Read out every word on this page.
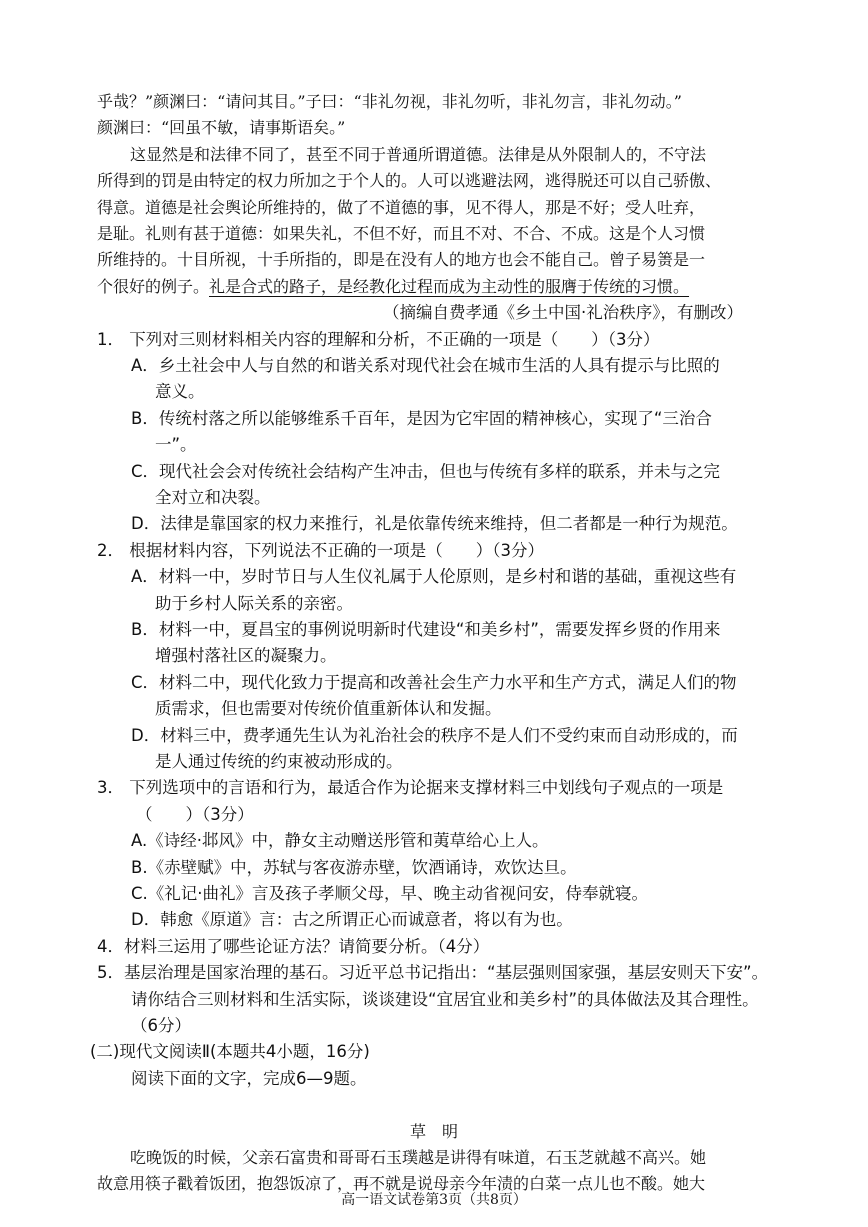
乎哉？”颜渊曰：“请问其目。”子曰：“非礼勿视，非礼勿听，非礼勿言，非礼勿动。”
颜渊曰：“回虽不敏，请事斯语矣。”
这显然是和法律不同了，甚至不同于普通所谓道德。法律是从外限制人的，不守法
所得到的罚是由特定的权力所加之于个人的。人可以逃避法网，逃得脱还可以自己骄傲、
得意。道德是社会舆论所维持的，做了不道德的事，见不得人，那是不好；受人吐弃，
是耻。礼则有甚于道德：如果失礼，不但不好，而且不对、不合、不成。这是个人习惯
所维持的。十目所视，十手所指的，即是在没有人的地方也会不能自己。曾子易箦是一
个很好的例子。礼是合式的路子，是经教化过程而成为主动性的服膺于传统的习惯。
（摘编自费孝通《乡土中国·礼治秩序》，有删改）
1． 下列对三则材料相关内容的理解和分析，不正确的一项是（　　）（3分）
A．乡土社会中人与自然的和谐关系对现代社会在城市生活的人具有提示与比照的
意义。
B．传统村落之所以能够维系千百年，是因为它牢固的精神核心，实现了“三治合
一”。
C．现代社会会对传统社会结构产生冲击，但也与传统有多样的联系，并未与之完
全对立和决裂。
D．法律是靠国家的权力来推行，礼是依靠传统来维持，但二者都是一种行为规范。
2． 根据材料内容，下列说法不正确的一项是（　　）（3分）
A．材料一中，岁时节日与人生仪礼属于人伦原则，是乡村和谐的基础，重视这些有
助于乡村人际关系的亲密。
B．材料一中，夏昌宝的事例说明新时代建设“和美乡村”，需要发挥乡贤的作用来
增强村落社区的凝聚力。
C．材料二中，现代化致力于提高和改善社会生产力水平和生产方式，满足人们的物
质需求，但也需要对传统价值重新体认和发掘。
D．材料三中，费孝通先生认为礼治社会的秩序不是人们不受约束而自动形成的，而
是人通过传统的约束被动形成的。
3． 下列选项中的言语和行为，最适合作为论据来支撑材料三中划线句子观点的一项是
（　　）（3分）
A.《诗经·邶风》中，静女主动赠送彤管和荑草给心上人。
B.《赤壁赋》中，苏轼与客夜游赤壁，饮酒诵诗，欢饮达旦。
C.《礼记·曲礼》言及孩子孝顺父母，早、晚主动省视问安，侍奉就寝。
D．韩愈《原道》言：古之所谓正心而诚意者，将以有为也。
4．材料三运用了哪些论证方法？请简要分析。（4分）
5．基层治理是国家治理的基石。习近平总书记指出：“基层强则国家强，基层安则天下安”。
请你结合三则材料和生活实际，谈谈建设“宜居宜业和美乡村”的具体做法及其合理性。
（6分）
(二)现代文阅读Ⅱ(本题共4小题，16分)
阅读下面的文字，完成6—9题。
草　明
吃晚饭的时候，父亲石富贵和哥哥石玉璞越是讲得有味道，石玉芝就越不高兴。她
故意用筷子戳着饭团，抱怨饭凉了，再不就是说母亲今年渍的白菜一点儿也不酸。她大
高一语文试卷第3页（共8页）
